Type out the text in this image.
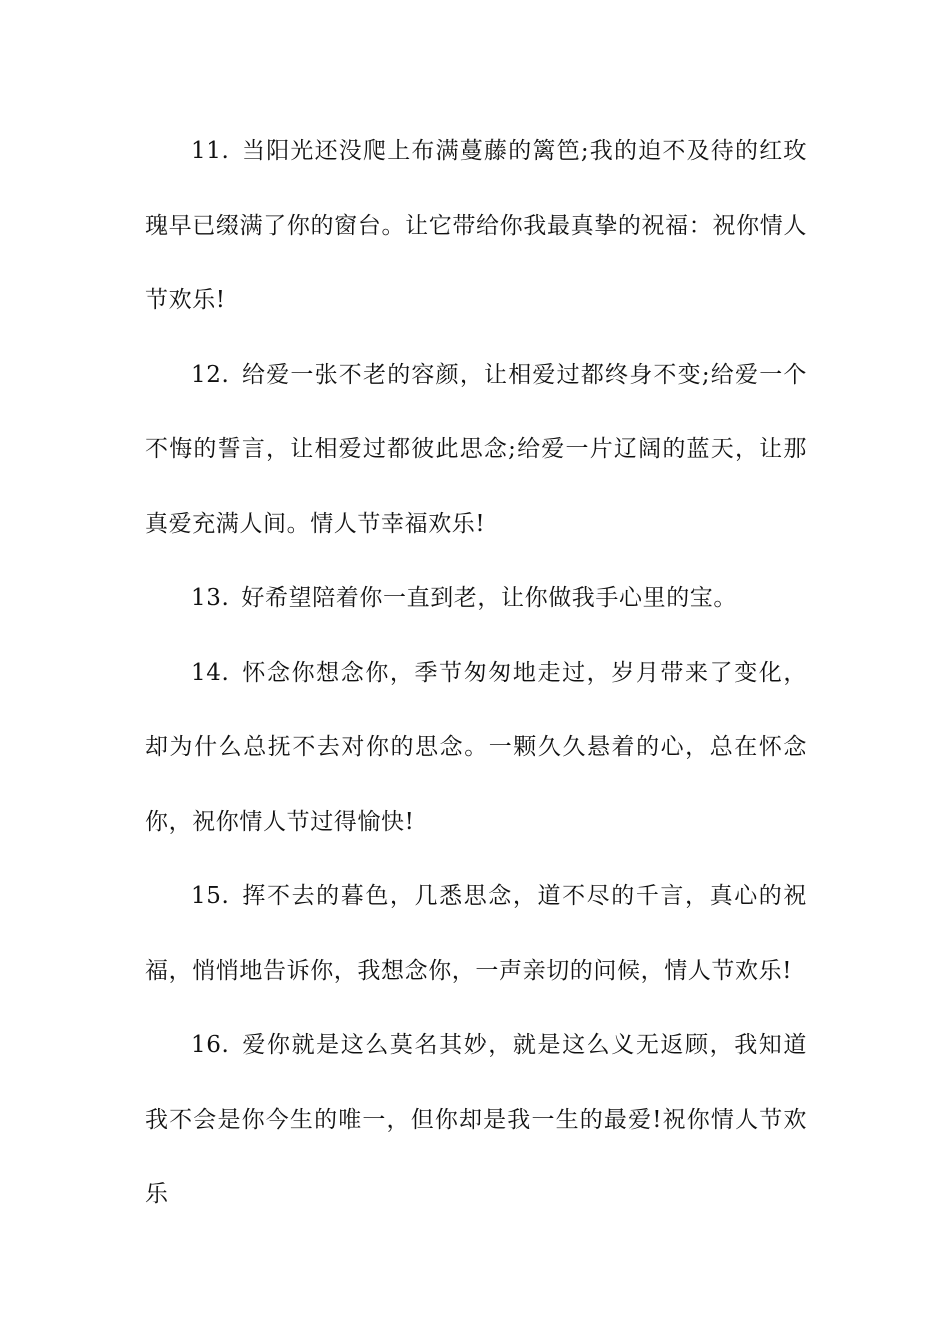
11. 当阳光还没爬上布满蔓藤的篱笆;我的迫不及待的红玫瑰早已缀满了你的窗台。让它带给你我最真挚的祝福：祝你情人节欢乐!

12. 给爱一张不老的容颜，让相爱过都终身不变;给爱一个不悔的誓言，让相爱过都彼此思念;给爱一片辽阔的蓝天，让那真爱充满人间。情人节幸福欢乐!

13. 好希望陪着你一直到老，让你做我手心里的宝。

14. 怀念你想念你，季节匆匆地走过，岁月带来了变化，却为什么总抚不去对你的思念。一颗久久悬着的心，总在怀念你，祝你情人节过得愉快!

15. 挥不去的暮色，几悉思念，道不尽的千言，真心的祝福，悄悄地告诉你，我想念你，一声亲切的问候，情人节欢乐!

16. 爱你就是这么莫名其妙，就是这么义无返顾，我知道我不会是你今生的唯一，但你却是我一生的最爱!祝你情人节欢乐
